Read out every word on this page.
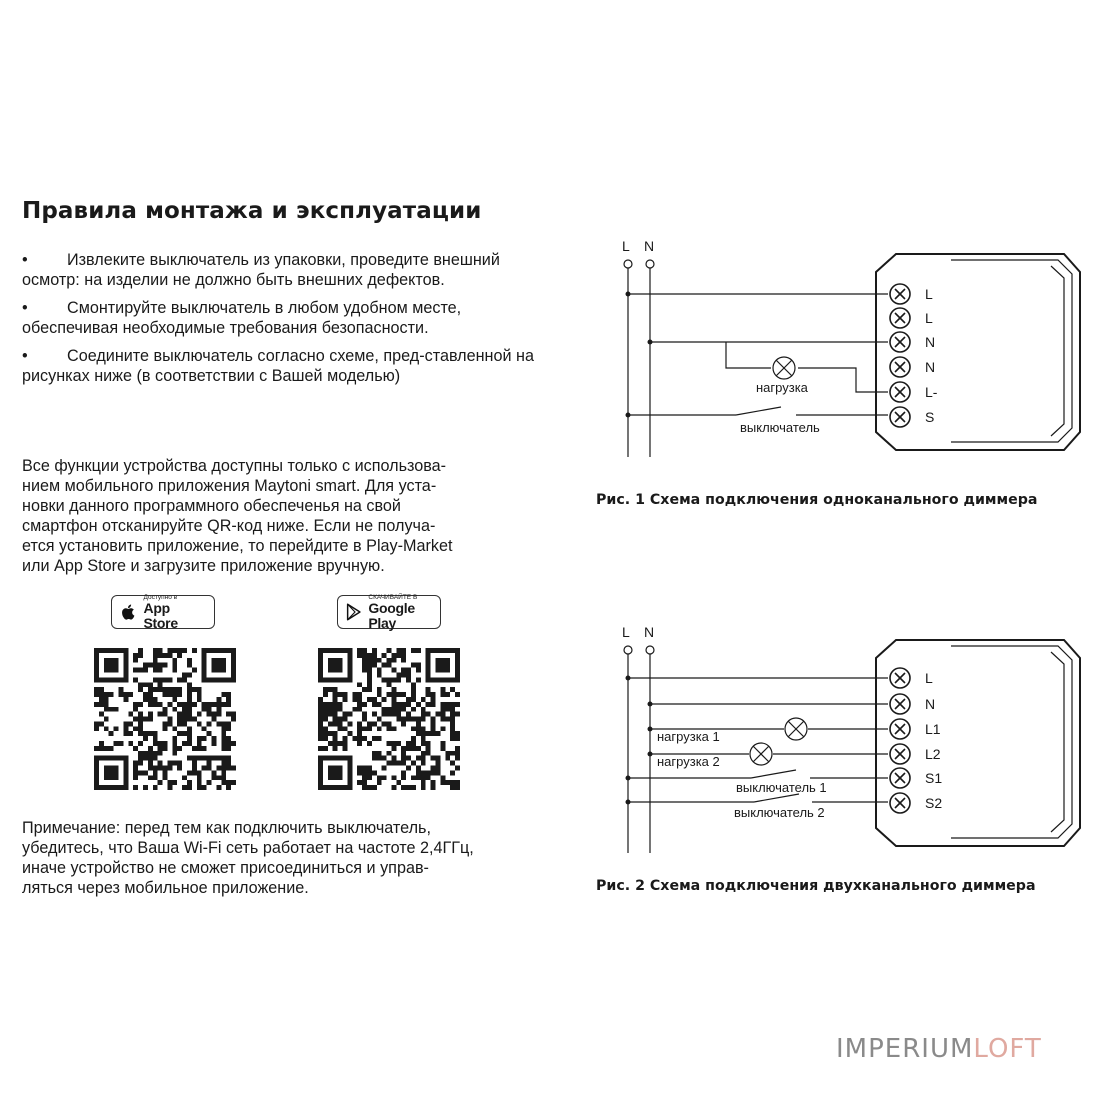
Правила монтажа и эксплуатации
• Извлеките выключатель из упаковки, проведите внешний осмотр: на изделии не должно быть внешних дефектов.
• Смонтируйте выключатель в любом удобном месте, обеспечивая необходимые требования безопасности.
• Соедините выключатель согласно схеме, пред-ставленной на рисунках ниже (в соответствии с Вашей моделью)
Все функции устройства доступны только с использова-
нием мобильного приложения Maytoni smart. Для уста-
новки данного программного обеспеченья на свой
смартфон отсканируйте QR-код ниже. Если не получа-
ется установить приложение, то перейдите в Play-Market
или App Store и загрузите приложение вручную.
Доступно в
App Store
СКАЧИВАЙТЕ В
Google Play
Примечание: перед тем как подключить выключатель,
убедитесь, что Ваша Wi-Fi сеть работает на частоте 2,4ГГц,
иначе устройство не сможет присоединиться и управ-
ляться через мобильное приложение.
L
L
N
N
L-
S
L N
нагрузка
выключатель
Рис. 1 Схема подключения одноканального диммера
L
N
L1
L2
S1
S2
L N
нагрузка 1
нагрузка 2
выключатель 1
выключатель 2
Рис. 2 Схема подключения двухканального диммера
IMPERIUMLOFT
